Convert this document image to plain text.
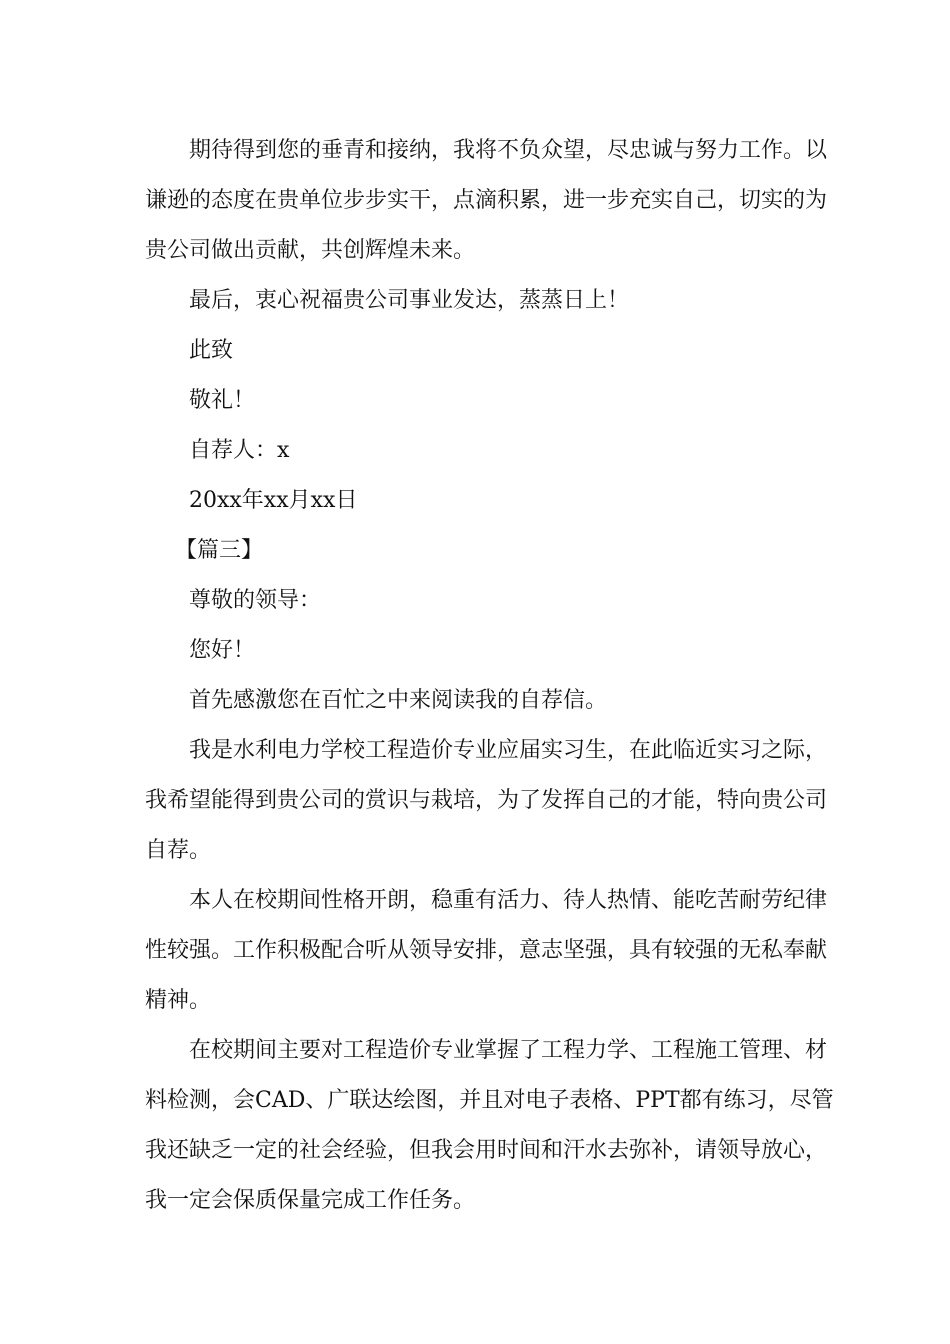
期待得到您的垂青和接纳，我将不负众望，尽忠诚与努力工作。以谦逊的态度在贵单位步步实干，点滴积累，进一步充实自己，切实的为贵公司做出贡献，共创辉煌未来。

最后，衷心祝福贵公司事业发达，蒸蒸日上！

此致

敬礼！

自荐人：x

20xx年xx月xx日

【篇三】

尊敬的领导：

您好！

首先感激您在百忙之中来阅读我的自荐信。

我是水利电力学校工程造价专业应届实习生，在此临近实习之际，我希望能得到贵公司的赏识与栽培，为了发挥自己的才能，特向贵公司自荐。

本人在校期间性格开朗，稳重有活力、待人热情、能吃苦耐劳纪律性较强。工作积极配合听从领导安排，意志坚强，具有较强的无私奉献精神。

在校期间主要对工程造价专业掌握了工程力学、工程施工管理、材料检测，会CAD、广联达绘图，并且对电子表格、PPT都有练习，尽管我还缺乏一定的社会经验，但我会用时间和汗水去弥补，请领导放心，我一定会保质保量完成工作任务。
